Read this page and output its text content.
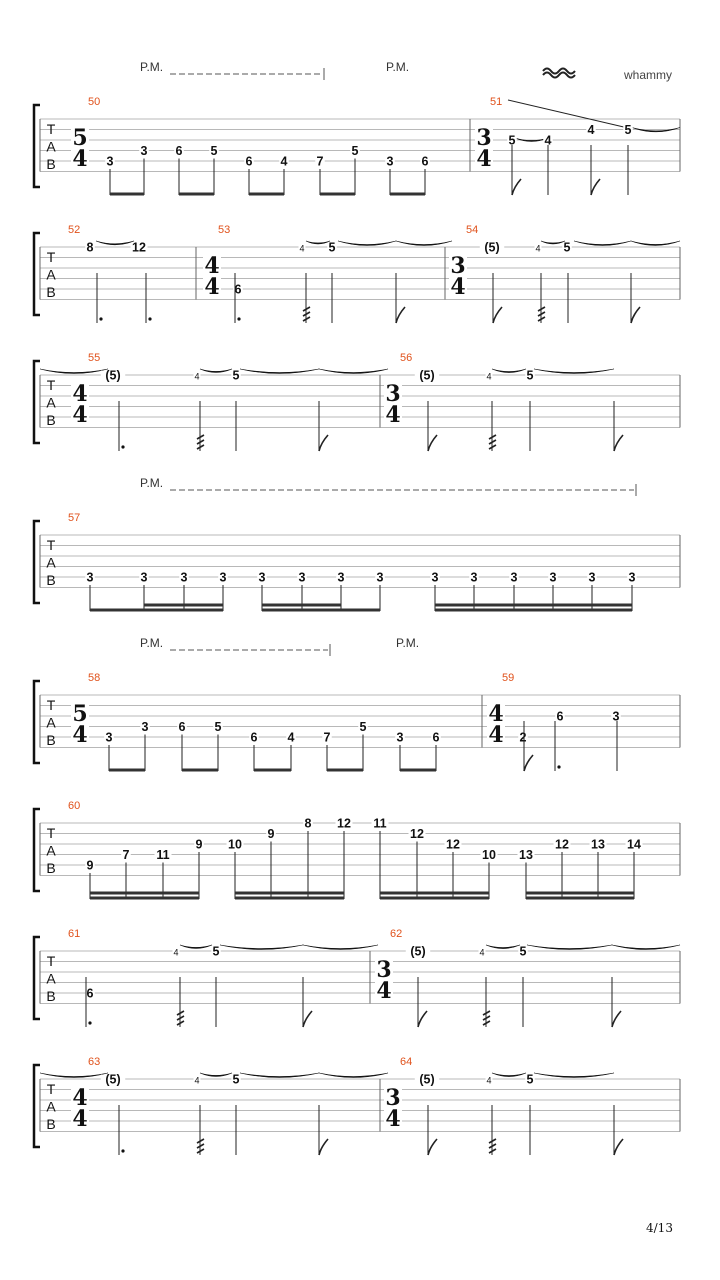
T
A
B
50
5
4
51
3
4
P.M.	P.M.
whammy
3
3 6 5
6 4 7
5
3 6
5 4
4 5
T
A
B
52	53
4
4
54
3
4
8	12
6
4 5	(5)	4 5
T
A
B
55
4
4
56
3
4
(5)	4	5	(5)	4	5
T
A
B
57
P.M.
3	3	3	3	3	3	3	3	3	3	3	3	3	3
T
A
B
58
5
4
59
4
4
P.M.	P.M.
3
3 6 5
6 4 7
5
3 6	2
6	3
T
A
B
60
9
7 11
9 10
9
8 12 11
12
12
10 13
12 13 14
T
A
B
61	62
3
4
6
4	5	(5)	4	5
T
A
B
63
4
4
64
3
4
(5)	4	5	(5)	4	5
4/13
